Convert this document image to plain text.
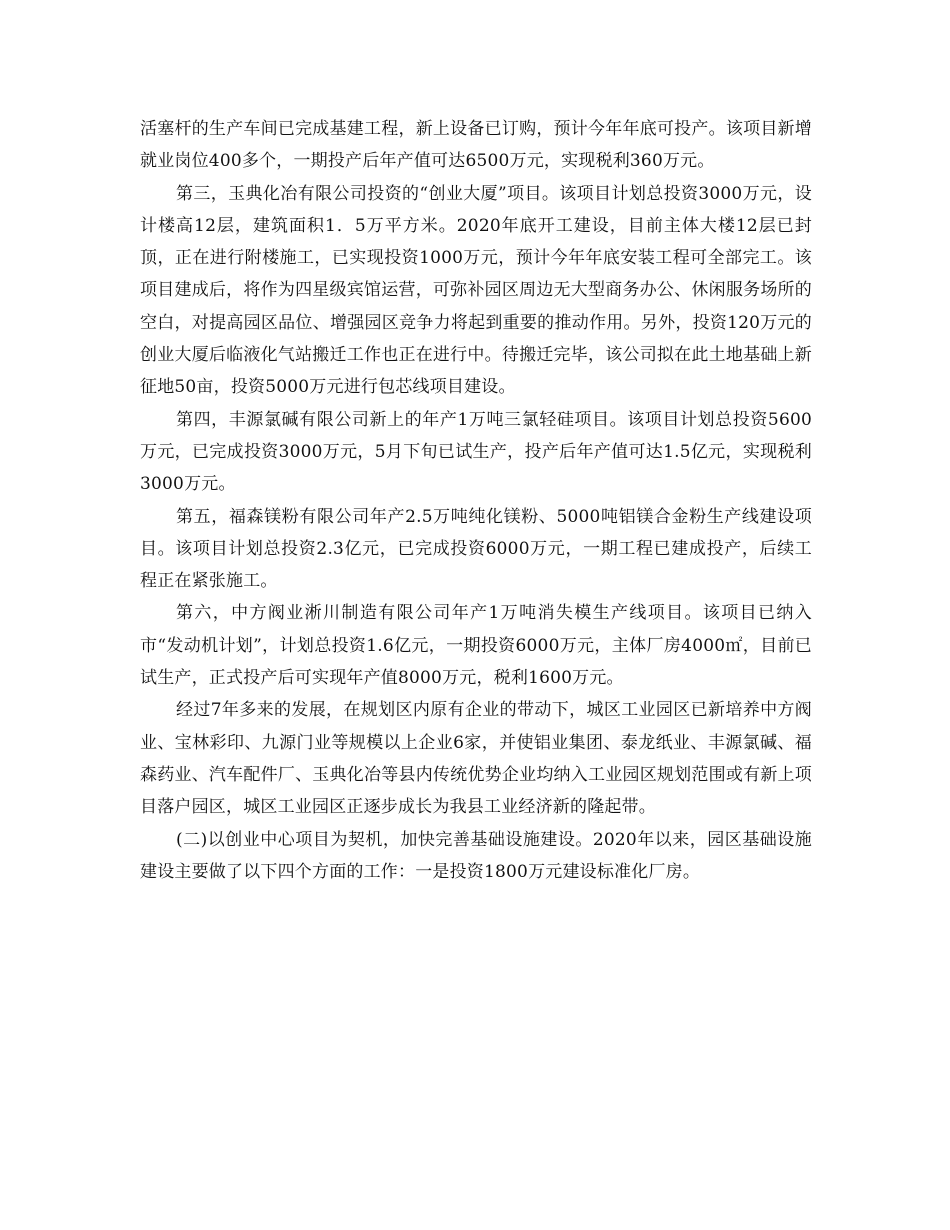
活塞杆的生产车间已完成基建工程，新上设备已订购，预计今年年底可投产。该项目新增就业岗位400多个，一期投产后年产值可达6500万元，实现税利360万元。

第三，玉典化冶有限公司投资的“创业大厦”项目。该项目计划总投资3000万元，设计楼高12层，建筑面积1．5万平方米。2020年底开工建设，目前主体大楼12层已封顶，正在进行附楼施工，已实现投资1000万元，预计今年年底安装工程可全部完工。该项目建成后，将作为四星级宾馆运营，可弥补园区周边无大型商务办公、休闲服务场所的空白，对提高园区品位、增强园区竞争力将起到重要的推动作用。另外，投资120万元的创业大厦后临液化气站搬迁工作也正在进行中。待搬迁完毕，该公司拟在此土地基础上新征地50亩，投资5000万元进行包芯线项目建设。

第四，丰源氯碱有限公司新上的年产1万吨三氯轻硅项目。该项目计划总投资5600万元，已完成投资3000万元，5月下旬已试生产，投产后年产值可达1.5亿元，实现税利3000万元。

第五，福森镁粉有限公司年产2.5万吨纯化镁粉、5000吨铝镁合金粉生产线建设项目。该项目计划总投资2.3亿元，已完成投资6000万元，一期工程已建成投产，后续工程正在紧张施工。

第六，中方阀业淅川制造有限公司年产1万吨消失模生产线项目。该项目已纳入市“发动机计划”，计划总投资1.6亿元，一期投资6000万元，主体厂房4000㎡，目前已试生产，正式投产后可实现年产值8000万元，税利1600万元。

经过7年多来的发展，在规划区内原有企业的带动下，城区工业园区已新培养中方阀业、宝林彩印、九源门业等规模以上企业6家，并使铝业集团、泰龙纸业、丰源氯碱、福森药业、汽车配件厂、玉典化冶等县内传统优势企业均纳入工业园区规划范围或有新上项目落户园区，城区工业园区正逐步成长为我县工业经济新的隆起带。

(二)以创业中心项目为契机，加快完善基础设施建设。2020年以来，园区基础设施建设主要做了以下四个方面的工作：一是投资1800万元建设标准化厂房。
